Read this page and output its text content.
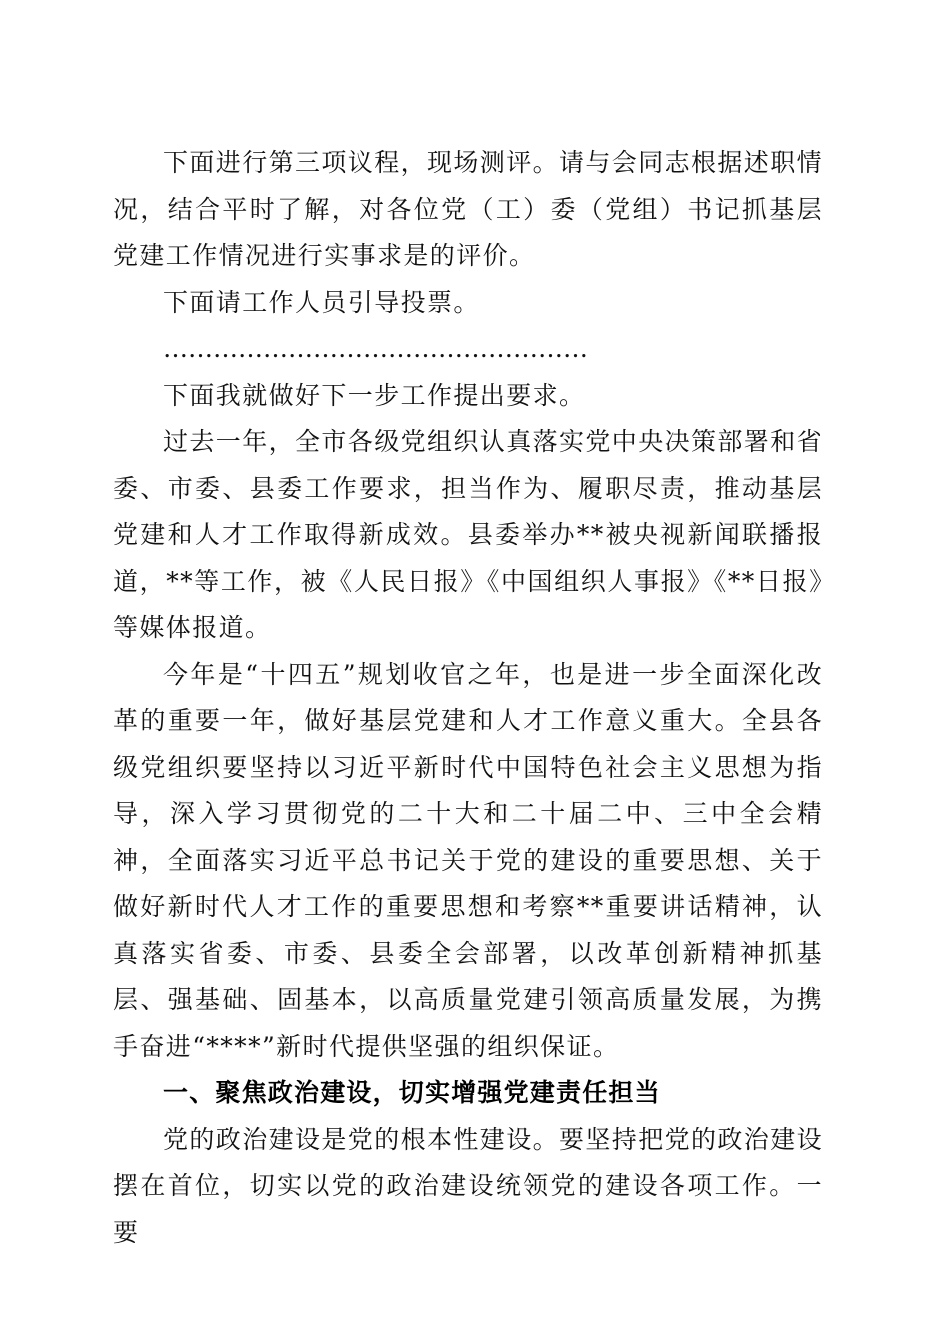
下面进行第三项议程，现场测评。请与会同志根据述职情况，结合平时了解，对各位党（工）委（党组）书记抓基层党建工作情况进行实事求是的评价。

下面请工作人员引导投票。

……………………………………………

下面我就做好下一步工作提出要求。

过去一年，全市各级党组织认真落实党中央决策部署和省委、市委、县委工作要求，担当作为、履职尽责，推动基层党建和人才工作取得新成效。县委举办**被央视新闻联播报道，**等工作，被《人民日报》《中国组织人事报》《**日报》等媒体报道。

今年是“十四五”规划收官之年，也是进一步全面深化改革的重要一年，做好基层党建和人才工作意义重大。全县各级党组织要坚持以习近平新时代中国特色社会主义思想为指导，深入学习贯彻党的二十大和二十届二中、三中全会精神，全面落实习近平总书记关于党的建设的重要思想、关于做好新时代人才工作的重要思想和考察**重要讲话精神，认真落实省委、市委、县委全会部署，以改革创新精神抓基层、强基础、固基本，以高质量党建引领高质量发展，为携手奋进“****”新时代提供坚强的组织保证。

一、聚焦政治建设，切实增强党建责任担当

党的政治建设是党的根本性建设。要坚持把党的政治建设摆在首位，切实以党的政治建设统领党的建设各项工作。一要
